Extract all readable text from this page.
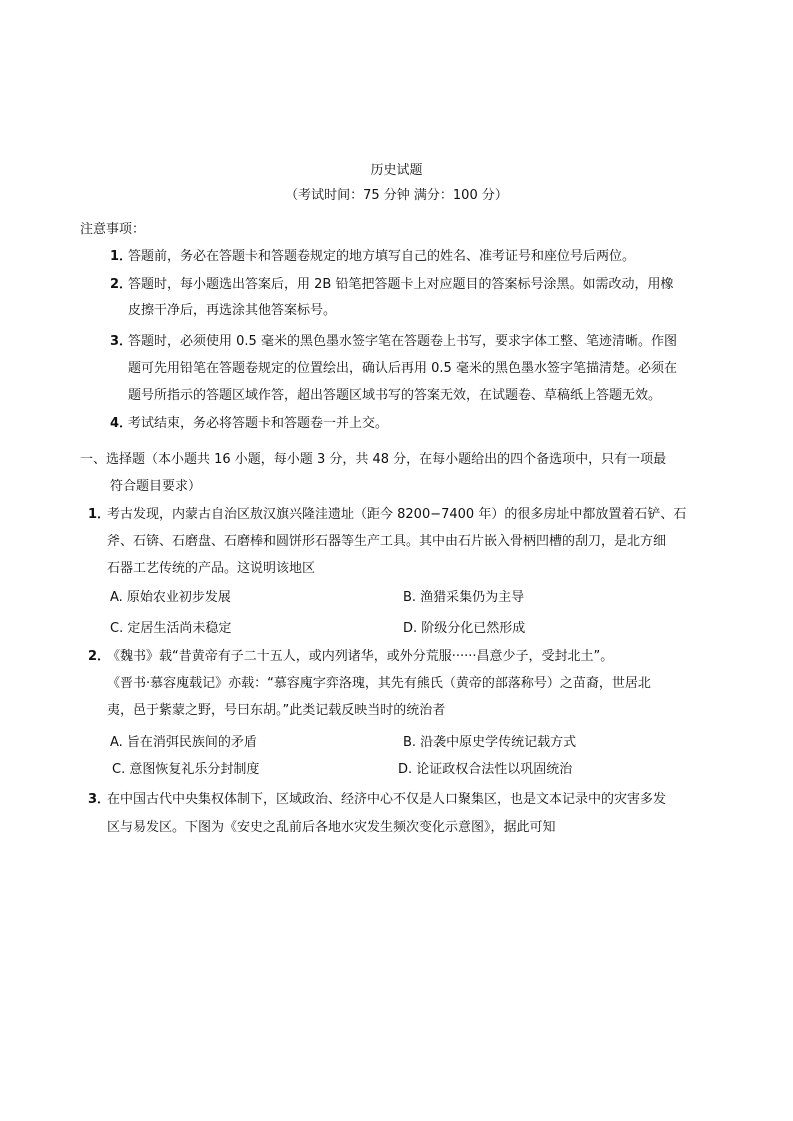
历史试题
（考试时间：75 分钟 满分：100 分）
注意事项：
1．
答题前，务必在答题卡和答题卷规定的地方填写自己的姓名、准考证号和座位号后两位。
2．
答题时，每小题选出答案后，用 2B 铅笔把答题卡上对应题目的答案标号涂黑。如需改动，用橡
皮擦干净后，再选涂其他答案标号。
3．
答题时，必须使用 0.5 毫米的黑色墨水签字笔在答题卷上书写，要求字体工整、笔迹清晰。作图
题可先用铅笔在答题卷规定的位置绘出，确认后再用 0.5 毫米的黑色墨水签字笔描清楚。必须在
题号所指示的答题区域作答，超出答题区域书写的答案无效，在试题卷、草稿纸上答题无效。
4．
考试结束，务必将答题卡和答题卷一并上交。
一、选择题（本小题共 16 小题，每小题 3 分，共 48 分，在每小题给出的四个备选项中，只有一项最
符合题目要求）
1．
考古发现，内蒙古自治区敖汉旗兴隆洼遗址（距今 8200−7400 年）的很多房址中都放置着石铲、石
斧、石锛、石磨盘、石磨棒和圆饼形石器等生产工具。其中由石片嵌入骨柄凹槽的刮刀，是北方细
石器工艺传统的产品。这说明该地区
A. 原始农业初步发展	B. 渔猎采集仍为主导
C. 定居生活尚未稳定	D. 阶级分化已然形成
2．
《魏书》载“昔黄帝有子二十五人，或内列诸华，或外分荒服······昌意少子，受封北土”。
《晋书·慕容廆载记》亦载：“慕容廆字弈洛瑰，其先有熊氏（黄帝的部落称号）之苗裔，世居北
夷，邑于紫蒙之野，号曰东胡。”此类记载反映当时的统治者
A. 旨在消弭民族间的矛盾	B. 沿袭中原史学传统记载方式
C. 意图恢复礼乐分封制度	D. 论证政权合法性以巩固统治
3．
在中国古代中央集权体制下，区域政治、经济中心不仅是人口聚集区，也是文本记录中的灾害多发
区与易发区。下图为《安史之乱前后各地水灾发生频次变化示意图》，据此可知
